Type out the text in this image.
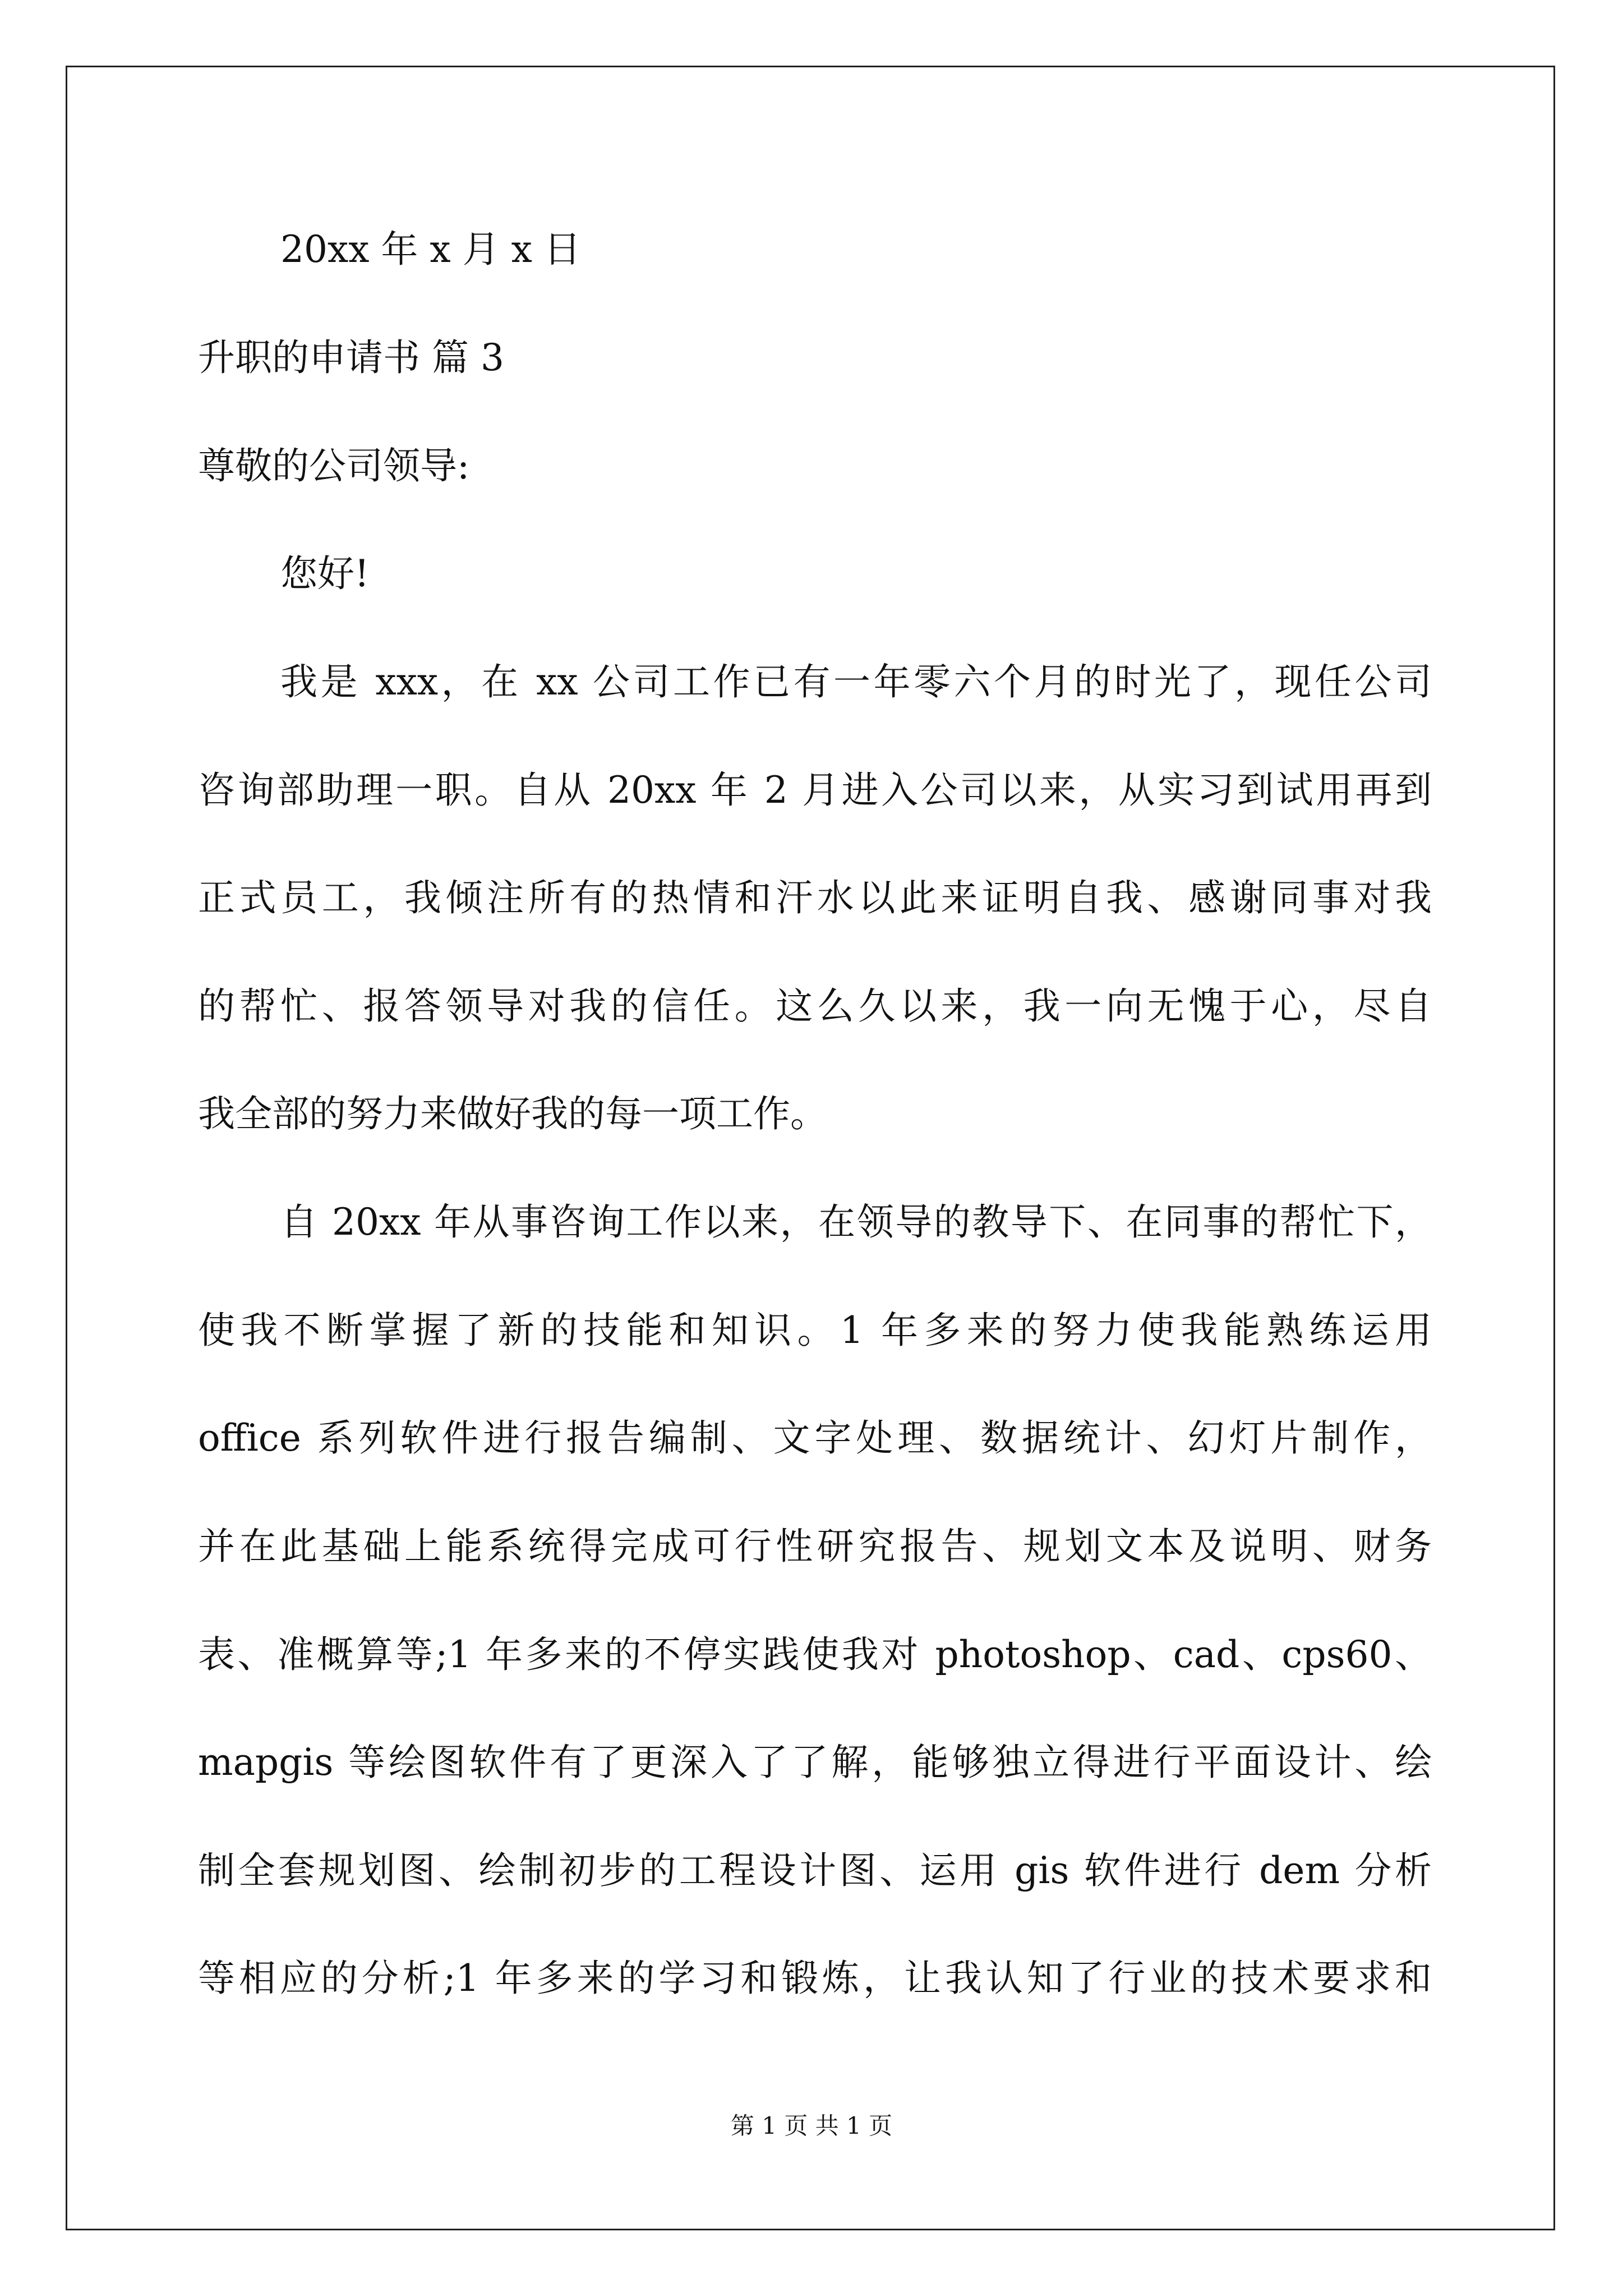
20xx 年 x 月 x 日
升职的申请书 篇 3
尊敬的公司领导:
您好!
我是 xxx，在 xx 公司工作已有一年零六个月的时光了，现任公司
咨询部助理一职。自从 20xx 年 2 月进入公司以来，从实习到试用再到
正式员工，我倾注所有的热情和汗水以此来证明自我、感谢同事对我
的帮忙、报答领导对我的信任。这么久以来，我一向无愧于心，尽自
我全部的努力来做好我的每一项工作。
自 20xx 年从事咨询工作以来，在领导的教导下、在同事的帮忙下，
使我不断掌握了新的技能和知识。1 年多来的努力使我能熟练运用
office 系列软件进行报告编制、文字处理、数据统计、幻灯片制作，
并在此基础上能系统得完成可行性研究报告、规划文本及说明、财务
表、准概算等;1 年多来的不停实践使我对 photoshop、cad、cps60、
mapgis 等绘图软件有了更深入了了解，能够独立得进行平面设计、绘
制全套规划图、绘制初步的工程设计图、运用 gis 软件进行 dem 分析
等相应的分析;1 年多来的学习和锻炼，让我认知了行业的技术要求和
第 1 页 共 1 页
